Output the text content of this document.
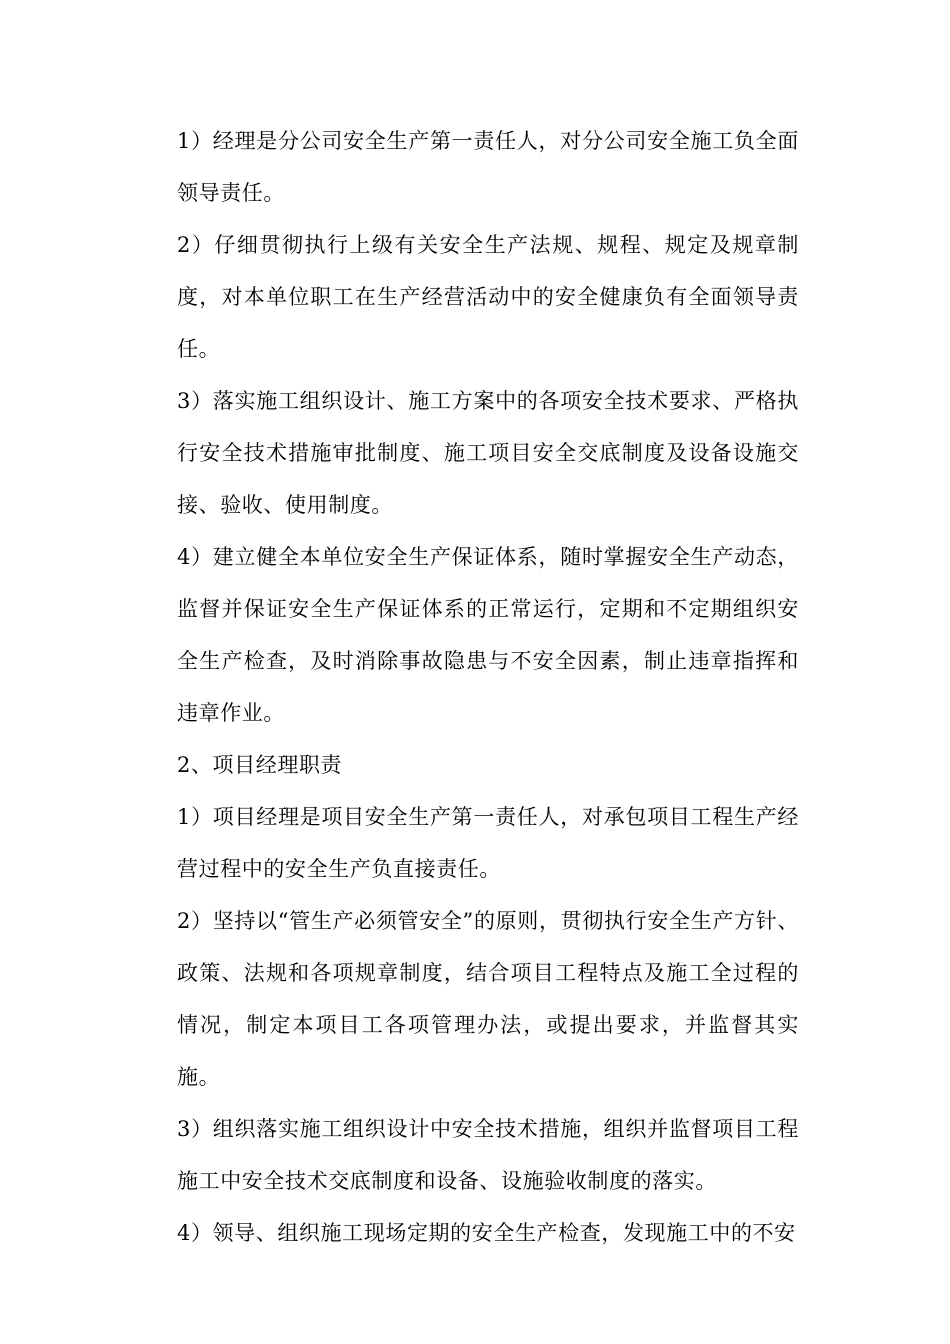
1）经理是分公司安全生产第一责任人，对分公司安全施工负全面领导责任。

2）仔细贯彻执行上级有关安全生产法规、规程、规定及规章制度，对本单位职工在生产经营活动中的安全健康负有全面领导责任。

3）落实施工组织设计、施工方案中的各项安全技术要求、严格执行安全技术措施审批制度、施工项目安全交底制度及设备设施交接、验收、使用制度。

4）建立健全本单位安全生产保证体系，随时掌握安全生产动态，监督并保证安全生产保证体系的正常运行，定期和不定期组织安全生产检查，及时消除事故隐患与不安全因素，制止违章指挥和违章作业。

2、项目经理职责

1）项目经理是项目安全生产第一责任人，对承包项目工程生产经营过程中的安全生产负直接责任。

2）坚持以“管生产必须管安全”的原则，贯彻执行安全生产方针、政策、法规和各项规章制度，结合项目工程特点及施工全过程的情况，制定本项目工各项管理办法，或提出要求，并监督其实施。

3）组织落实施工组织设计中安全技术措施，组织并监督项目工程施工中安全技术交底制度和设备、设施验收制度的落实。

4）领导、组织施工现场定期的安全生产检查，发现施工中的不安
